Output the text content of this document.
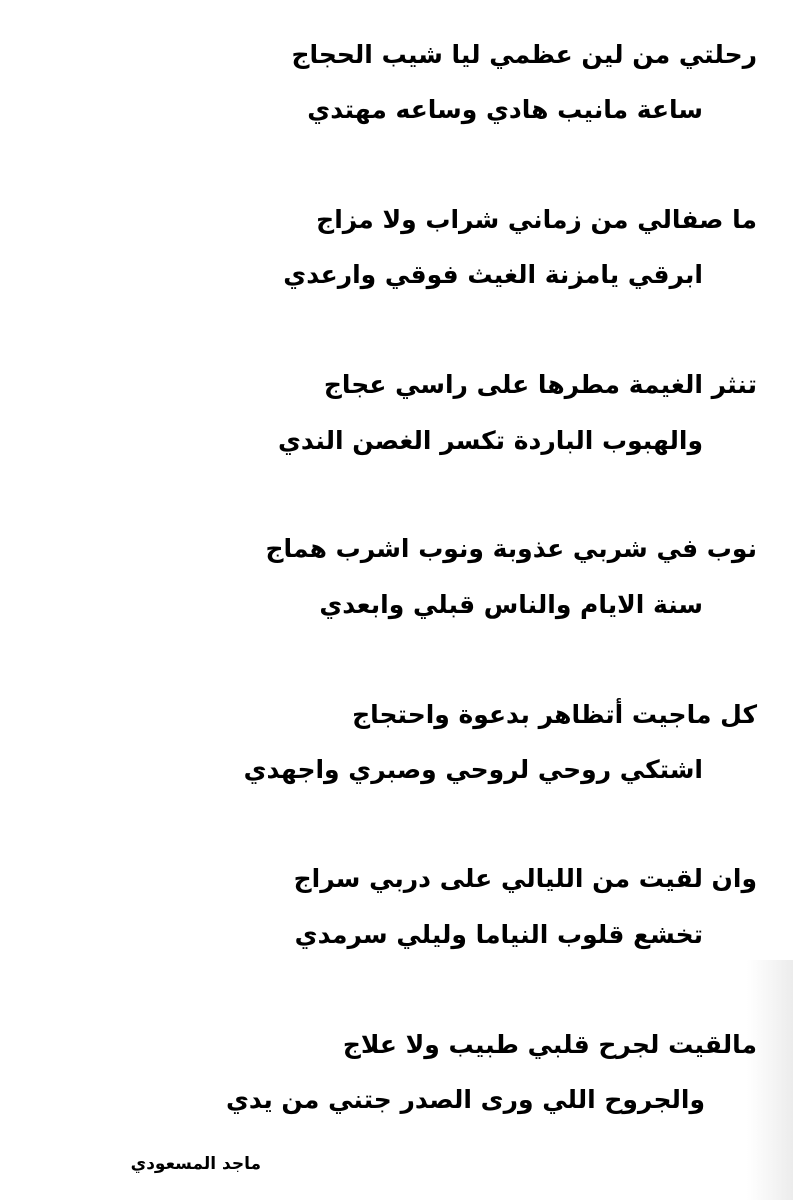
رحلتي من لين عظمي ليا شيب الحجاج

ساعة مانيب هادي وساعه مهتدي

ما صفالي من زماني شراب ولا مزاج

ابرقي يامزنة الغيث فوقي وارعدي

تنثر الغيمة مطرها على راسي عجاج

والهبوب الباردة تكسر الغصن الندي

نوب في شربي عذوبة ونوب اشرب هماج

سنة الايام والناس قبلي وابعدي

كل ماجيت أتظاهر بدعوة واحتجاج

اشتكي روحي لروحي وصبري واجهدي

وان لقيت من الليالي على دربي سراج

تخشع قلوب النياما وليلي سرمدي

مالقيت لجرح قلبي طبيب ولا علاج

والجروح اللي ورى الصدر جتني من يدي

ماجد المسعودي
